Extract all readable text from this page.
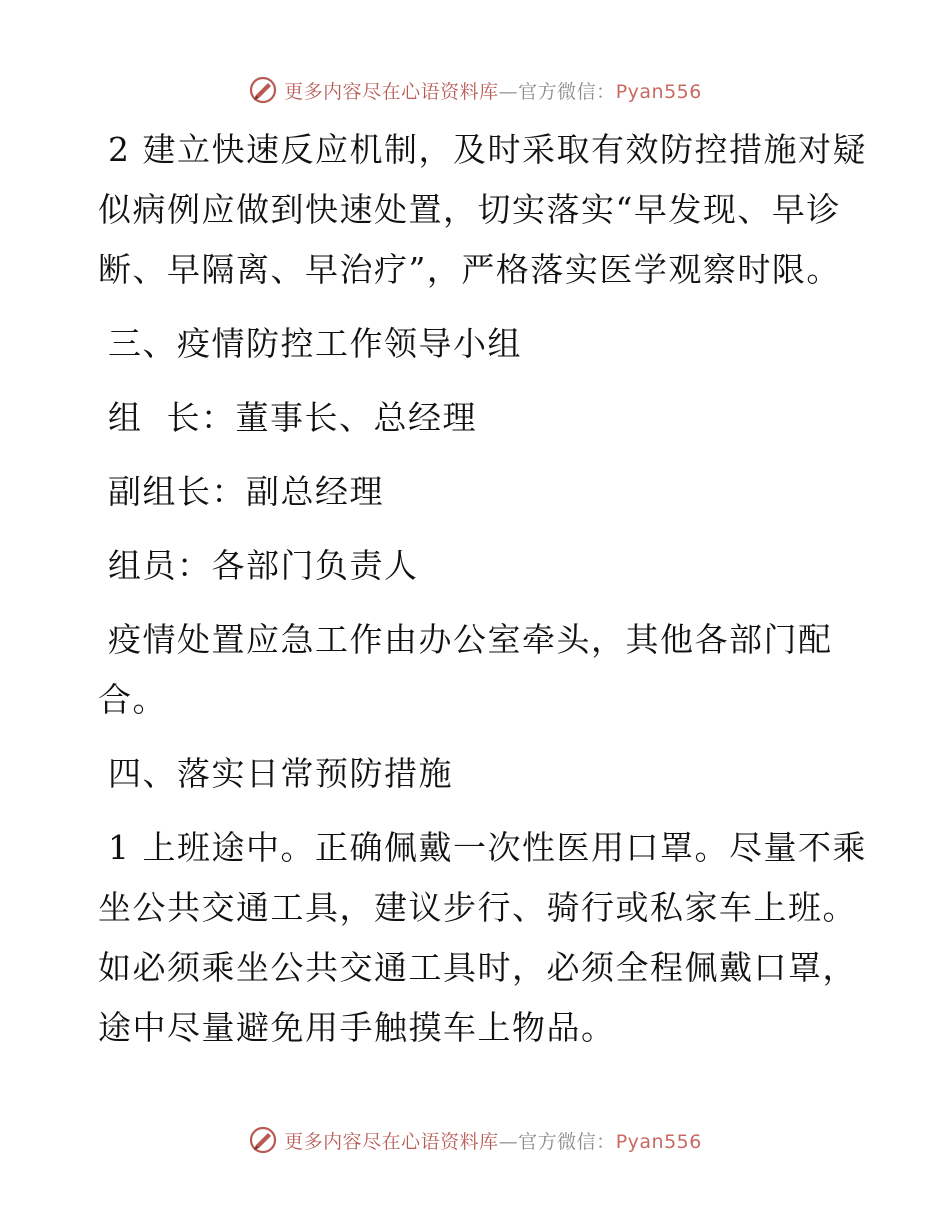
更多内容尽在心语资料库—官方微信：Pyan556

2 建立快速反应机制，及时采取有效防控措施对疑

似病例应做到快速处置，切实落实“早发现、早诊

断、早隔离、早治疗”，严格落实医学观察时限。

三、疫情防控工作领导小组

组  长：董事长、总经理

副组长：副总经理

组员：各部门负责人

疫情处置应急工作由办公室牵头，其他各部门配

合。

四、落实日常预防措施

1 上班途中。正确佩戴一次性医用口罩。尽量不乘

坐公共交通工具，建议步行、骑行或私家车上班。

如必须乘坐公共交通工具时，必须全程佩戴口罩，

途中尽量避免用手触摸车上物品。

更多内容尽在心语资料库—官方微信：Pyan556
